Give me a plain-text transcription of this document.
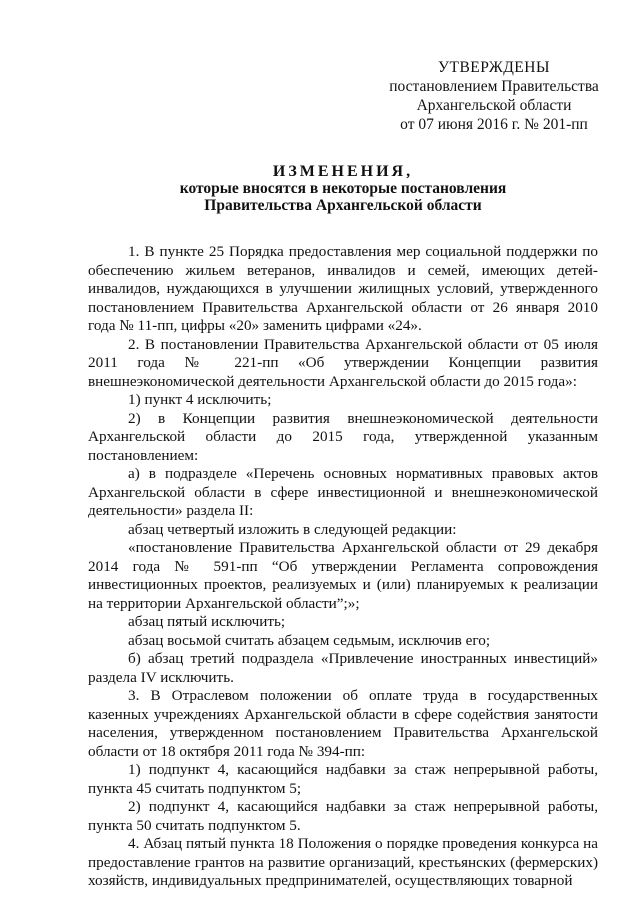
УТВЕРЖДЕНЫ
постановлением Правительства
Архангельской области
от 07 июня 2016 г. № 201-пп
ИЗМЕНЕНИЯ,
которые вносятся в некоторые постановления
Правительства Архангельской области

1. В пункте 25 Порядка предоставления мер социальной поддержки по обеспечению жильем ветеранов, инвалидов и семей, имеющих детей-инвалидов, нуждающихся в улучшении жилищных условий, утвержденного постановлением Правительства Архангельской области от 26 января 2010 года № 11-пп, цифры «20» заменить цифрами «24».

2. В постановлении Правительства Архангельской области от 05 июля 2011 года № 221-пп «Об утверждении Концепции развития внешнеэкономической деятельности Архангельской области до 2015 года»:

1) пункт 4 исключить;

2) в Концепции развития внешнеэкономической деятельности Архангельской области до 2015 года, утвержденной указанным постановлением:

а) в подразделе «Перечень основных нормативных правовых актов Архангельской области в сфере инвестиционной и внешнеэкономической деятельности» раздела II:

абзац четвертый изложить в следующей редакции:

«постановление Правительства Архангельской области от 29 декабря 2014 года № 591-пп “Об утверждении Регламента сопровождения инвестиционных проектов, реализуемых и (или) планируемых к реализации на территории Архангельской области”;»;

абзац пятый исключить;

абзац восьмой считать абзацем седьмым, исключив его;

б) абзац третий подраздела «Привлечение иностранных инвестиций» раздела IV исключить.

3. В Отраслевом положении об оплате труда в государственных казенных учреждениях Архангельской области в сфере содействия занятости населения, утвержденном постановлением Правительства Архангельской области от 18 октября 2011 года № 394-пп:

1) подпункт 4, касающийся надбавки за стаж непрерывной работы, пункта 45 считать подпунктом 5;

2) подпункт 4, касающийся надбавки за стаж непрерывной работы, пункта 50 считать подпунктом 5.

4. Абзац пятый пункта 18 Положения о порядке проведения конкурса на предоставление грантов на развитие организаций, крестьянских (фермерских) хозяйств, индивидуальных предпринимателей, осуществляющих товарной
